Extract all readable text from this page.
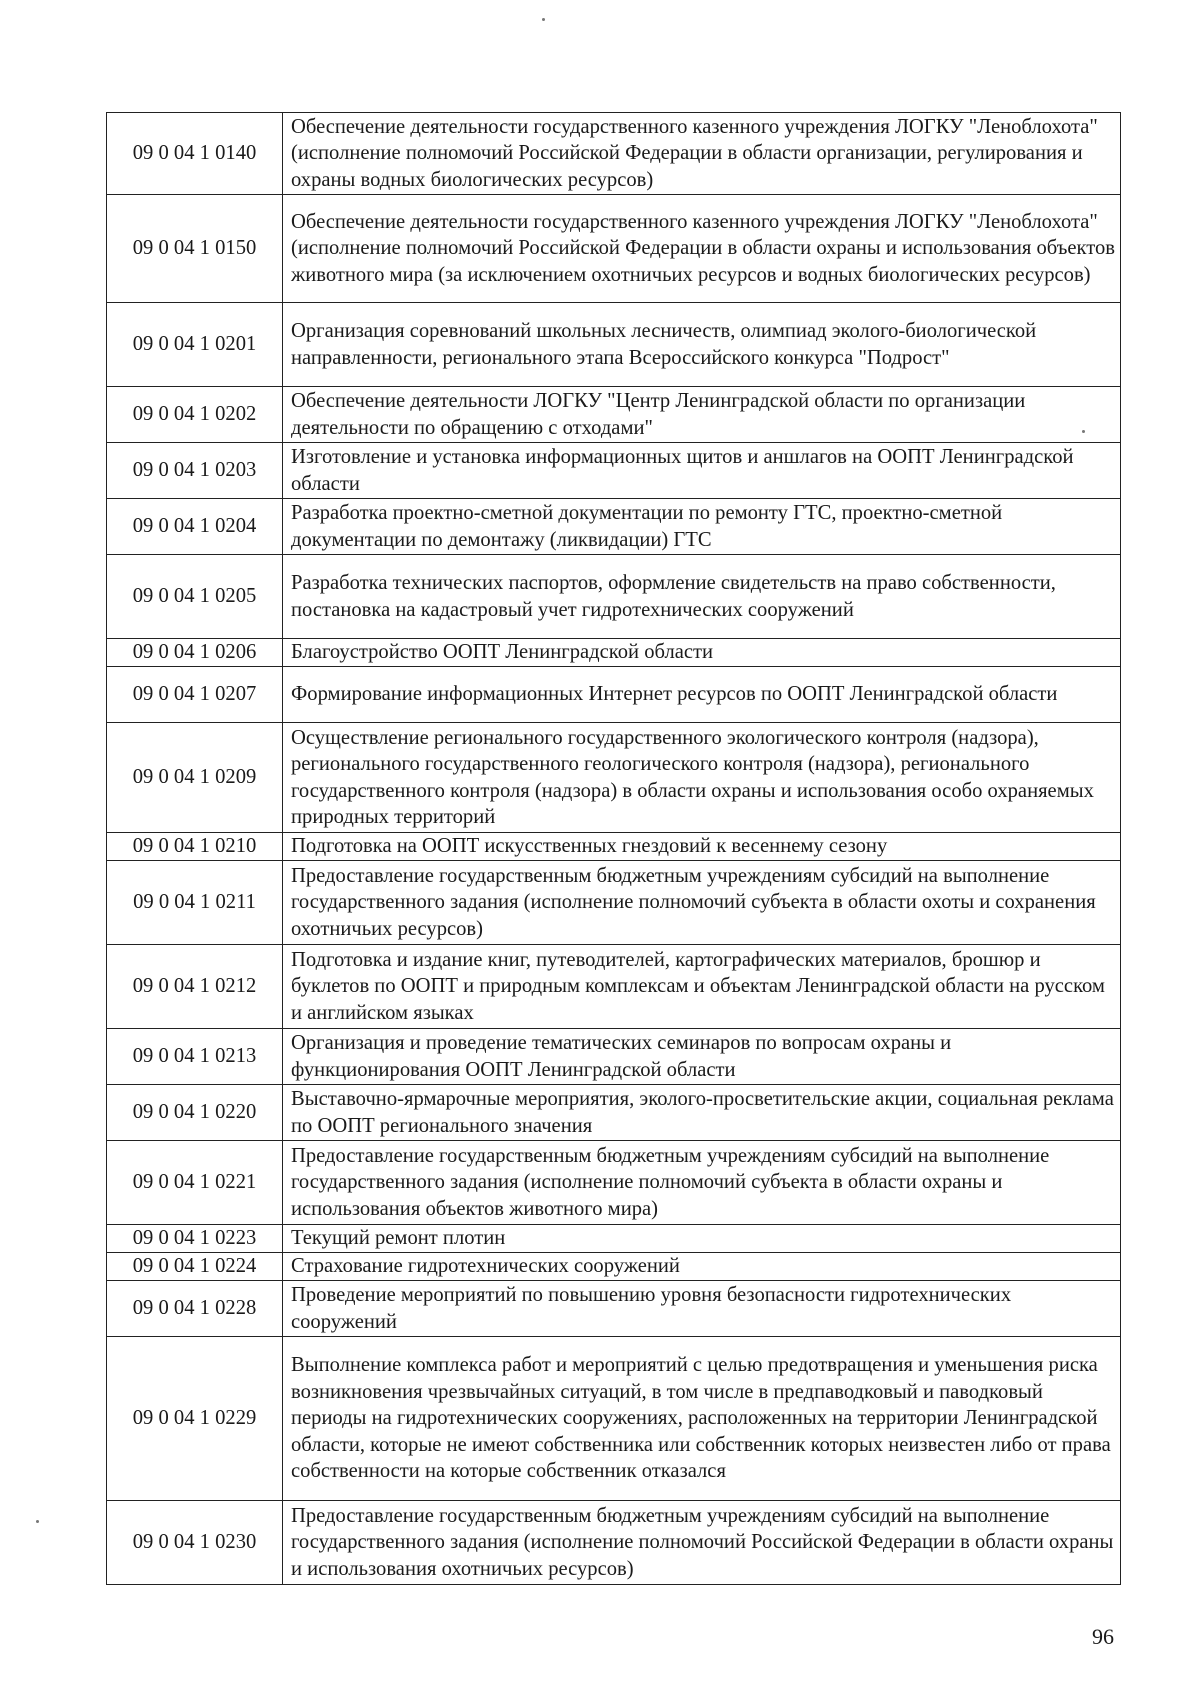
09 0 04 1 0140	Обеспечение деятельности государственного казенного учреждения ЛОГКУ "Леноблохота" (исполнение полномочий Российской Федерации в области организации, регулирования и охраны водных биологических ресурсов)
09 0 04 1 0150	Обеспечение деятельности государственного казенного учреждения ЛОГКУ "Леноблохота" (исполнение полномочий Российской Федерации в области охраны и использования объектов животного мира (за исключением охотничьих ресурсов и водных биологических ресурсов)
09 0 04 1 0201	Организация соревнований школьных лесничеств, олимпиад эколого-биологической направленности, регионального этапа Всероссийского конкурса "Подрост"
09 0 04 1 0202	Обеспечение деятельности ЛОГКУ "Центр Ленинградской области по организации деятельности по обращению с отходами"
09 0 04 1 0203	Изготовление и установка информационных щитов и аншлагов на ООПТ Ленинградской области
09 0 04 1 0204	Разработка проектно-сметной документации по ремонту ГТС, проектно-сметной документации по демонтажу (ликвидации) ГТС
09 0 04 1 0205	Разработка технических паспортов, оформление свидетельств на право собственности, постановка на кадастровый учет гидротехнических сооружений
09 0 04 1 0206	Благоустройство ООПТ Ленинградской области
09 0 04 1 0207	Формирование информационных Интернет ресурсов по ООПТ Ленинградской области
09 0 04 1 0209	Осуществление регионального государственного экологического контроля (надзора), регионального государственного геологического контроля (надзора), регионального государственного контроля (надзора) в области охраны и использования особо охраняемых природных территорий
09 0 04 1 0210	Подготовка на ООПТ искусственных гнездовий к весеннему сезону
09 0 04 1 0211	Предоставление государственным бюджетным учреждениям субсидий на выполнение государственного задания (исполнение полномочий субъекта в области охоты и сохранения охотничьих ресурсов)
09 0 04 1 0212	Подготовка и издание книг, путеводителей, картографических материалов, брошюр и буклетов по ООПТ и природным комплексам и объектам Ленинградской области на русском и английском языках
09 0 04 1 0213	Организация и проведение тематических семинаров по вопросам охраны и функционирования ООПТ Ленинградской области
09 0 04 1 0220	Выставочно-ярмарочные мероприятия, эколого-просветительские акции, социальная реклама по ООПТ регионального значения
09 0 04 1 0221	Предоставление государственным бюджетным учреждениям субсидий на выполнение государственного задания (исполнение полномочий субъекта в области охраны и использования объектов животного мира)
09 0 04 1 0223	Текущий ремонт плотин
09 0 04 1 0224	Страхование гидротехнических сооружений
09 0 04 1 0228	Проведение мероприятий по повышению уровня безопасности гидротехнических сооружений
09 0 04 1 0229	Выполнение комплекса работ и мероприятий с целью предотвращения и уменьшения риска возникновения чрезвычайных ситуаций, в том числе в предпаводковый и паводковый периоды на гидротехнических сооружениях, расположенных на территории Ленинградской области, которые не имеют собственника или собственник которых неизвестен либо от права собственности на которые собственник отказался
09 0 04 1 0230	Предоставление государственным бюджетным учреждениям субсидий на выполнение государственного задания (исполнение полномочий Российской Федерации в области охраны и использования охотничьих ресурсов)
96
